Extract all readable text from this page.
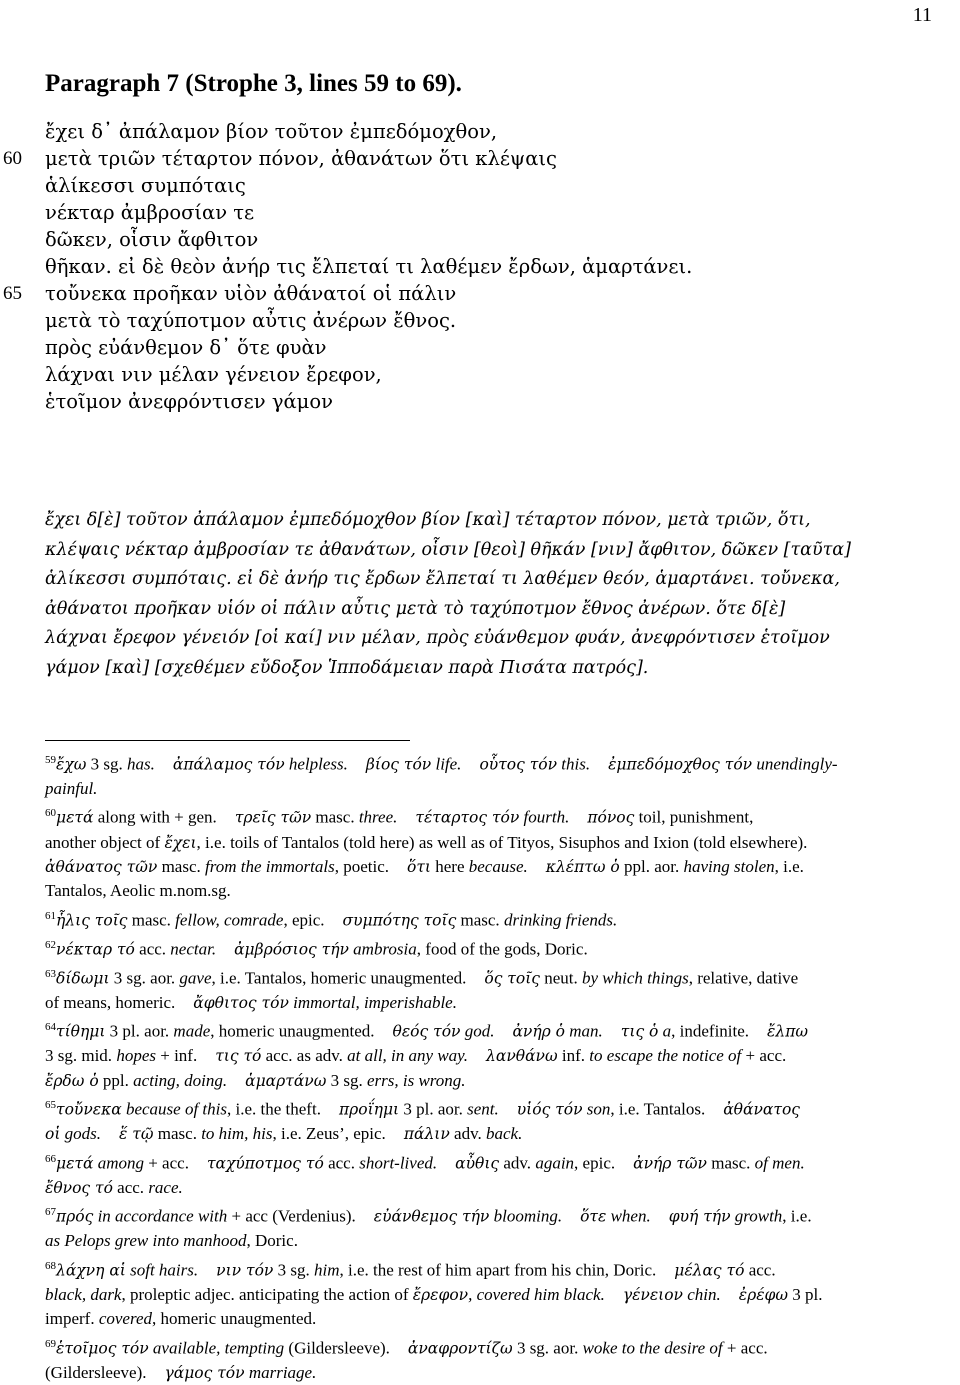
11
Paragraph 7 (Strophe 3, lines 59 to 69).
ἔχει δ᾽ ἀπάλαμον βίον τοῦτον ἐμπεδόμοχθον,
60 μετὰ τριῶν τέταρτον πόνον, ἀθανάτων ὅτι κλέψαις
ἁλίκεσσι συμπόταις
νέκταρ ἀμβροσίαν τε
δῶκεν, οἷσιν ἄφθιτον
θῆκαν. εἰ δὲ θεὸν ἀνήρ τις ἔλπεταί τι λαθέμεν ἔρδων, ἁμαρτάνει.
65 τοὔνεκα προῆκαν υἱὸν ἀθάνατοί οἱ πάλιν
μετὰ τὸ ταχύποτμον αὖτις ἀνέρων ἔθνος.
πρὸς εὐάνθεμον δ᾽ ὅτε φυὰν
λάχναι νιν μέλαν γένειον ἔρεφον,
ἑτοῖμον ἀνεφρόντισεν γάμον
ἔχει δ[ὲ] τοῦτον ἀπάλαμον ἐμπεδόμοχθον βίον [καὶ] τέταρτον πόνον, μετὰ τριῶν, ὅτι,
κλέψαις νέκταρ ἀμβροσίαν τε ἀθανάτων, οἷσιν [θεοὶ] θῆκάν [νιν] ἄφθιτον, δῶκεν [ταῦτα]
ἁλίκεσσι συμπόταις. εἰ δὲ ἀνήρ τις ἔρδων ἔλπεταί τι λαθέμεν θεόν, ἁμαρτάνει. τοὔνεκα,
ἀθάνατοι προῆκαν υἱόν οἱ πάλιν αὖτις μετὰ τὸ ταχύποτμον ἔθνος ἀνέρων. ὅτε δ[ὲ]
λάχναι ἔρεφον γένειόν [οἱ καί] νιν μέλαν, πρὸς εὐάνθεμον φυάν, ἀνεφρόντισεν ἑτοῖμον
γάμον [καὶ] [σχεθέμεν εὔδοξον Ἱπποδάμειαν παρὰ Πισάτα πατρός].

$^{59}$ἔχω 3 sg. has. ἀπάλαμος τόν helpless. βίος τόν life. οὗτος τόν this. ἐμπεδόμοχθος τόν unendingly-
painful.

$^{60}$μετά along with + gen. τρεῖς τῶν masc. three. τέταρτος τόν fourth. πόνος toil, punishment,
another object of ἔχει, i.e. toils of Tantalos (told here) as well as of Tityos, Sisuphos and Ixion (told elsewhere).
ἀθάνατος τῶν masc. from the immortals, poetic. ὅτι here because. κλέπτω ὁ ppl. aor. having stolen, i.e.
Tantalos, Aeolic m.nom.sg.

$^{61}$ἧλις τοῖς masc. fellow, comrade, epic. συμπότης τοῖς masc. drinking friends.

$^{62}$νέκταρ τό acc. nectar. ἀμβρόσιος τήν ambrosia, food of the gods, Doric.

$^{63}$δίδωμι 3 sg. aor. gave, i.e. Tantalos, homeric unaugmented. ὅς τοῖς neut. by which things, relative, dative
of means, homeric. ἄφθιτος τόν immortal, imperishable.

$^{64}$τίθημι 3 pl. aor. made, homeric unaugmented. θεός τόν god. ἀνήρ ὁ man. τις ὁ a, indefinite. ἔλπω
3 sg. mid. hopes + inf. τις τό acc. as adv. at all, in any way. λανθάνω inf. to escape the notice of + acc.
ἔρδω ὁ ppl. acting, doing. ἁμαρτάνω 3 sg. errs, is wrong.

$^{65}$τοὔνεκα because of this, i.e. the theft. προΐημι 3 pl. aor. sent. υἱός τόν son, i.e. Tantalos. ἀθάνατος
οἱ gods. ἕ τῷ masc. to him, his, i.e. Zeus’, epic. πάλιν adv. back.

$^{66}$μετά among + acc. ταχύποτμος τό acc. short-lived. αὖθις adv. again, epic. ἀνήρ τῶν masc. of men.
ἔθνος τό acc. race.

$^{67}$πρός in accordance with + acc (Verdenius). εὐάνθεμος τήν blooming. ὅτε when. φυή τήν growth, i.e.
as Pelops grew into manhood, Doric.

$^{68}$λάχνη αἱ soft hairs. νιν τόν 3 sg. him, i.e. the rest of him apart from his chin, Doric. μέλας τό acc.
black, dark, proleptic adjec. anticipating the action of ἔρεφον, covered him black. γένειον chin. ἐρέφω 3 pl.
imperf. covered, homeric unaugmented.

$^{69}$ἑτοῖμος τόν available, tempting (Gildersleeve). ἀναφροντίζω 3 sg. aor. woke to the desire of + acc.
(Gildersleeve). γάμος τόν marriage.
